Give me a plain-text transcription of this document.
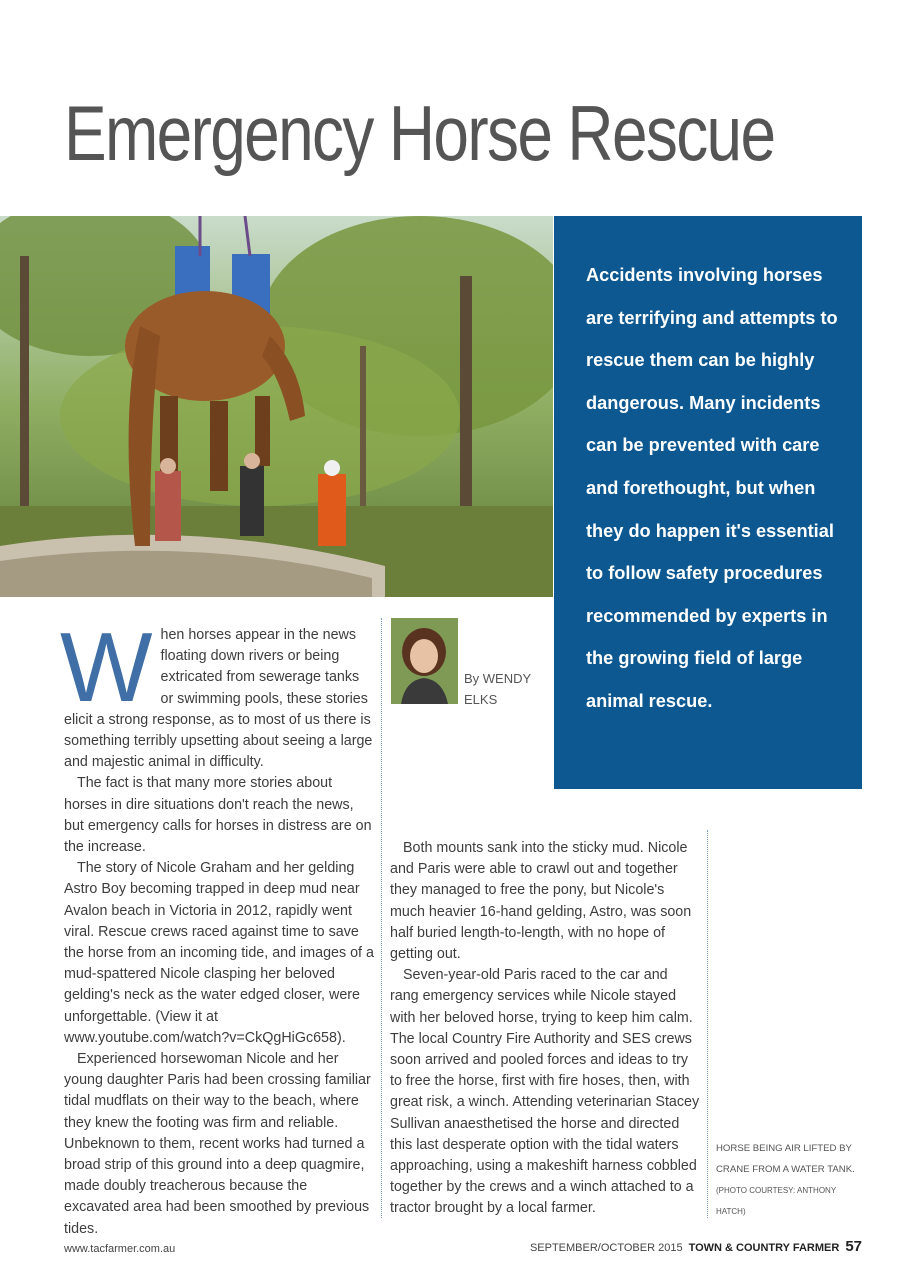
Emergency Horse Rescue

Accidents involving horses are terrifying and attempts to rescue them can be highly dangerous. Many incidents can be prevented with care and forethought, but when they do happen it's essential to follow safety procedures recommended by experts in the growing field of large animal rescue.

When horses appear in the news floating down rivers or being extricated from sewerage tanks or swimming pools, these stories elicit a strong response, as to most of us there is something terribly upsetting about seeing a large and majestic animal in difficulty.

The fact is that many more stories about horses in dire situations don't reach the news, but emergency calls for horses in distress are on the increase.

The story of Nicole Graham and her gelding Astro Boy becoming trapped in deep mud near Avalon beach in Victoria in 2012, rapidly went viral. Rescue crews raced against time to save the horse from an incoming tide, and images of a mud-spattered Nicole clasping her beloved gelding's neck as the water edged closer, were unforgettable. (View it at www.youtube.com/watch?v=CkQgHiGc658).

Experienced horsewoman Nicole and her young daughter Paris had been crossing familiar tidal mudflats on their way to the beach, where they knew the footing was firm and reliable. Unbeknown to them, recent works had turned a broad strip of this ground into a deep quagmire, made doubly treacherous because the excavated area had been smoothed by previous tides.

By WENDY ELKS

Both mounts sank into the sticky mud. Nicole and Paris were able to crawl out and together they managed to free the pony, but Nicole's much heavier 16-hand gelding, Astro, was soon half buried length-to-length, with no hope of getting out.

Seven-year-old Paris raced to the car and rang emergency services while Nicole stayed with her beloved horse, trying to keep him calm. The local Country Fire Authority and SES crews soon arrived and pooled forces and ideas to try to free the horse, first with fire hoses, then, with great risk, a winch. Attending veterinarian Stacey Sullivan anaesthetised the horse and directed this last desperate option with the tidal waters approaching, using a makeshift harness cobbled together by the crews and a winch attached to a tractor brought by a local farmer.

HORSE BEING AIR LIFTED BY CRANE FROM A WATER TANK.
(PHOTO COURTESY: ANTHONY HATCH)
www.tacfarmer.com.au	SEPTEMBER/OCTOBER 2015 TOWN & COUNTRY FARMER 57
